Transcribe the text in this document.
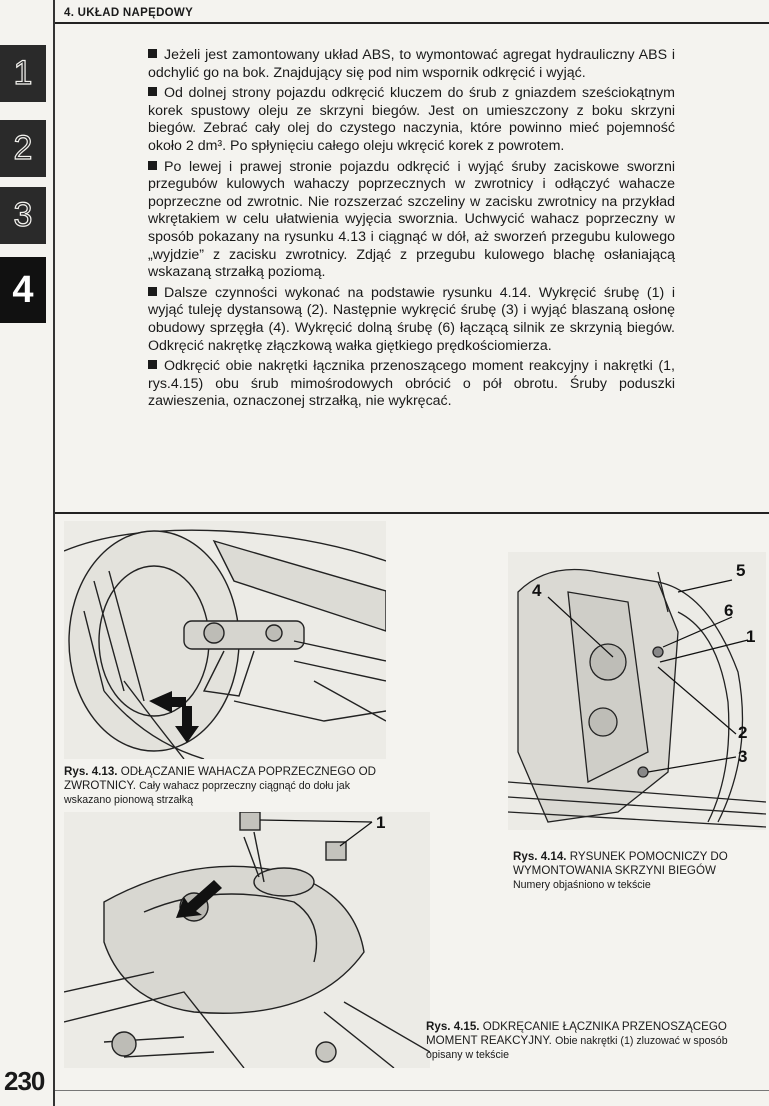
4. UKŁAD NAPĘDOWY
1
2
3
4

Jeżeli jest zamontowany układ ABS, to wymontować agregat hydrauliczny ABS i odchylić go na bok. Znajdujący się pod nim wspornik odkręcić i wyjąć.

Od dolnej strony pojazdu odkręcić kluczem do śrub z gniazdem sześciokątnym korek spustowy oleju ze skrzyni biegów. Jest on umieszczony z boku skrzyni biegów. Zebrać cały olej do czystego naczynia, które powinno mieć pojemność około 2 dm³. Po spłynięciu całego oleju wkręcić korek z powrotem.

Po lewej i prawej stronie pojazdu odkręcić i wyjąć śruby zaciskowe sworzni przegubów kulowych wahaczy poprzecznych w zwrotnicy i odłączyć wahacze poprzeczne od zwrotnic. Nie rozszerzać szczeliny w zacisku zwrotnicy na przykład wkrętakiem w celu ułatwienia wyjęcia sworznia. Uchwycić wahacz poprzeczny w sposób pokazany na rysunku 4.13 i ciągnąć w dół, aż sworzeń przegubu kulowego „wyjdzie” z zacisku zwrotnicy. Zdjąć z przegubu kulowego blachę osłaniającą wskazaną strzałką poziomą.

Dalsze czynności wykonać na podstawie rysunku 4.14. Wykręcić śrubę (1) i wyjąć tuleję dystansową (2). Następnie wykręcić śrubę (3) i wyjąć blaszaną osłonę obudowy sprzęgła (4). Wykręcić dolną śrubę (6) łączącą silnik ze skrzynią biegów. Odkręcić nakrętkę złączkową wałka giętkiego prędkościomierza.

Odkręcić obie nakrętki łącznika przenoszącego moment reakcyjny i nakrętki (1, rys.4.15) obu śrub mimośrodowych obrócić o pół obrotu. Śruby poduszki zawieszenia, oznaczonej strzałką, nie wykręcać.

Rys. 4.13. ODŁĄCZANIE WAHACZA POPRZECZNEGO OD ZWROTNICY. Cały wahacz poprzeczny ciągnąć do dołu jak wskazano pionową strzałką
5
4
6
1
2
3
Rys. 4.14. RYSUNEK POMOCNICZY DO WYMONTOWANIA SKRZYNI BIEGÓW
Numery objaśniono w tekście
1
Rys. 4.15. ODKRĘCANIE ŁĄCZNIKA PRZENOSZĄCEGO MOMENT REAKCYJNY. Obie nakrętki (1) zluzować w sposób opisany w tekście
230
